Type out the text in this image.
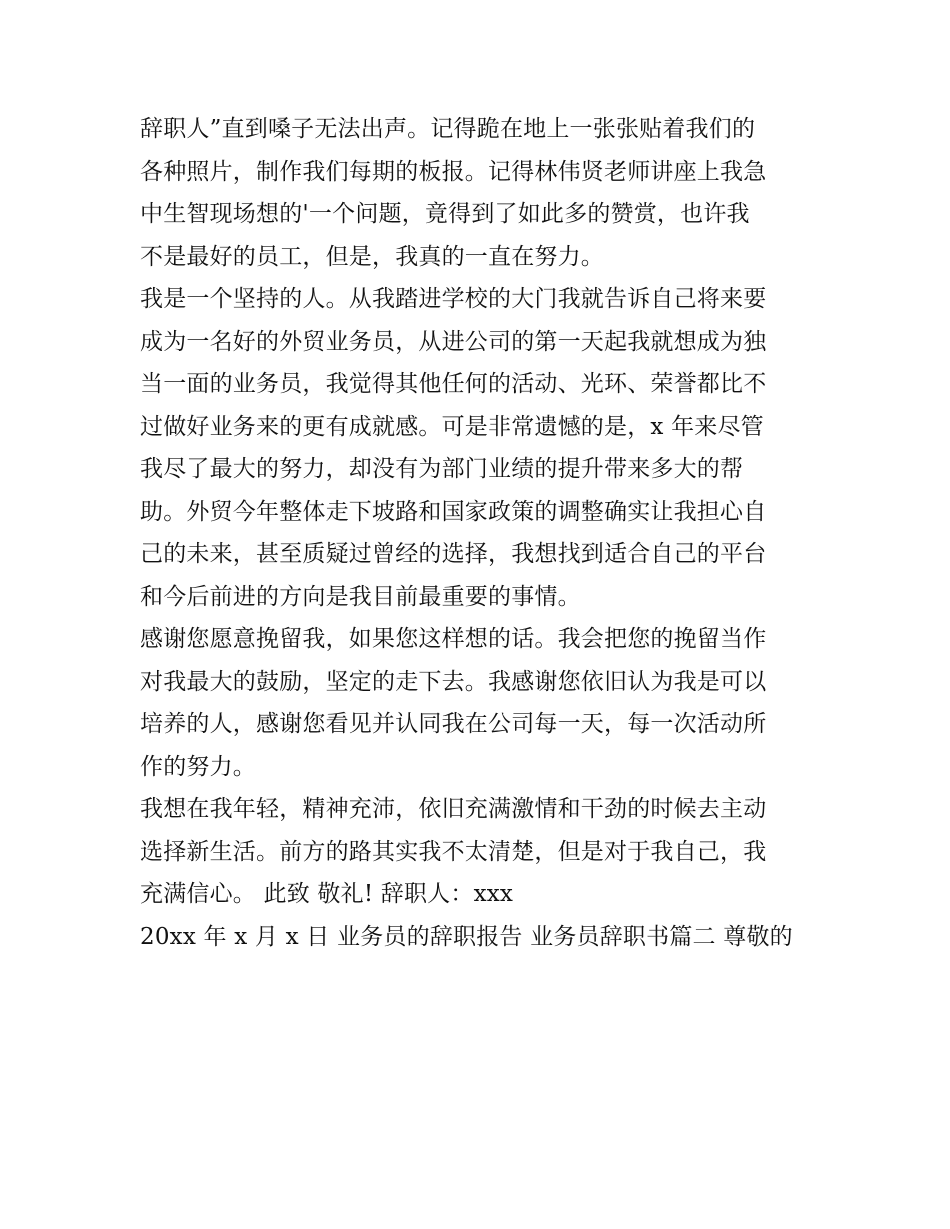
辞职人”直到嗓子无法出声。记得跪在地上一张张贴着我们的
各种照片，制作我们每期的板报。记得林伟贤老师讲座上我急
中生智现场想的'一个问题，竟得到了如此多的赞赏，也许我
不是最好的员工，但是，我真的一直在努力。
我是一个坚持的人。从我踏进学校的大门我就告诉自己将来要
成为一名好的外贸业务员，从进公司的第一天起我就想成为独
当一面的业务员，我觉得其他任何的活动、光环、荣誉都比不
过做好业务来的更有成就感。可是非常遗憾的是，x 年来尽管
我尽了最大的努力，却没有为部门业绩的提升带来多大的帮
助。外贸今年整体走下坡路和国家政策的调整确实让我担心自
己的未来，甚至质疑过曾经的选择，我想找到适合自己的平台
和今后前进的方向是我目前最重要的事情。
感谢您愿意挽留我，如果您这样想的话。我会把您的挽留当作
对我最大的鼓励，坚定的走下去。我感谢您依旧认为我是可以
培养的人，感谢您看见并认同我在公司每一天，每一次活动所
作的努力。
我想在我年轻，精神充沛，依旧充满激情和干劲的时候去主动
选择新生活。前方的路其实我不太清楚，但是对于我自己，我
充满信心。 此致 敬礼! 辞职人：xxx
20xx 年 x 月 x 日 业务员的辞职报告 业务员辞职书篇二 尊敬的
